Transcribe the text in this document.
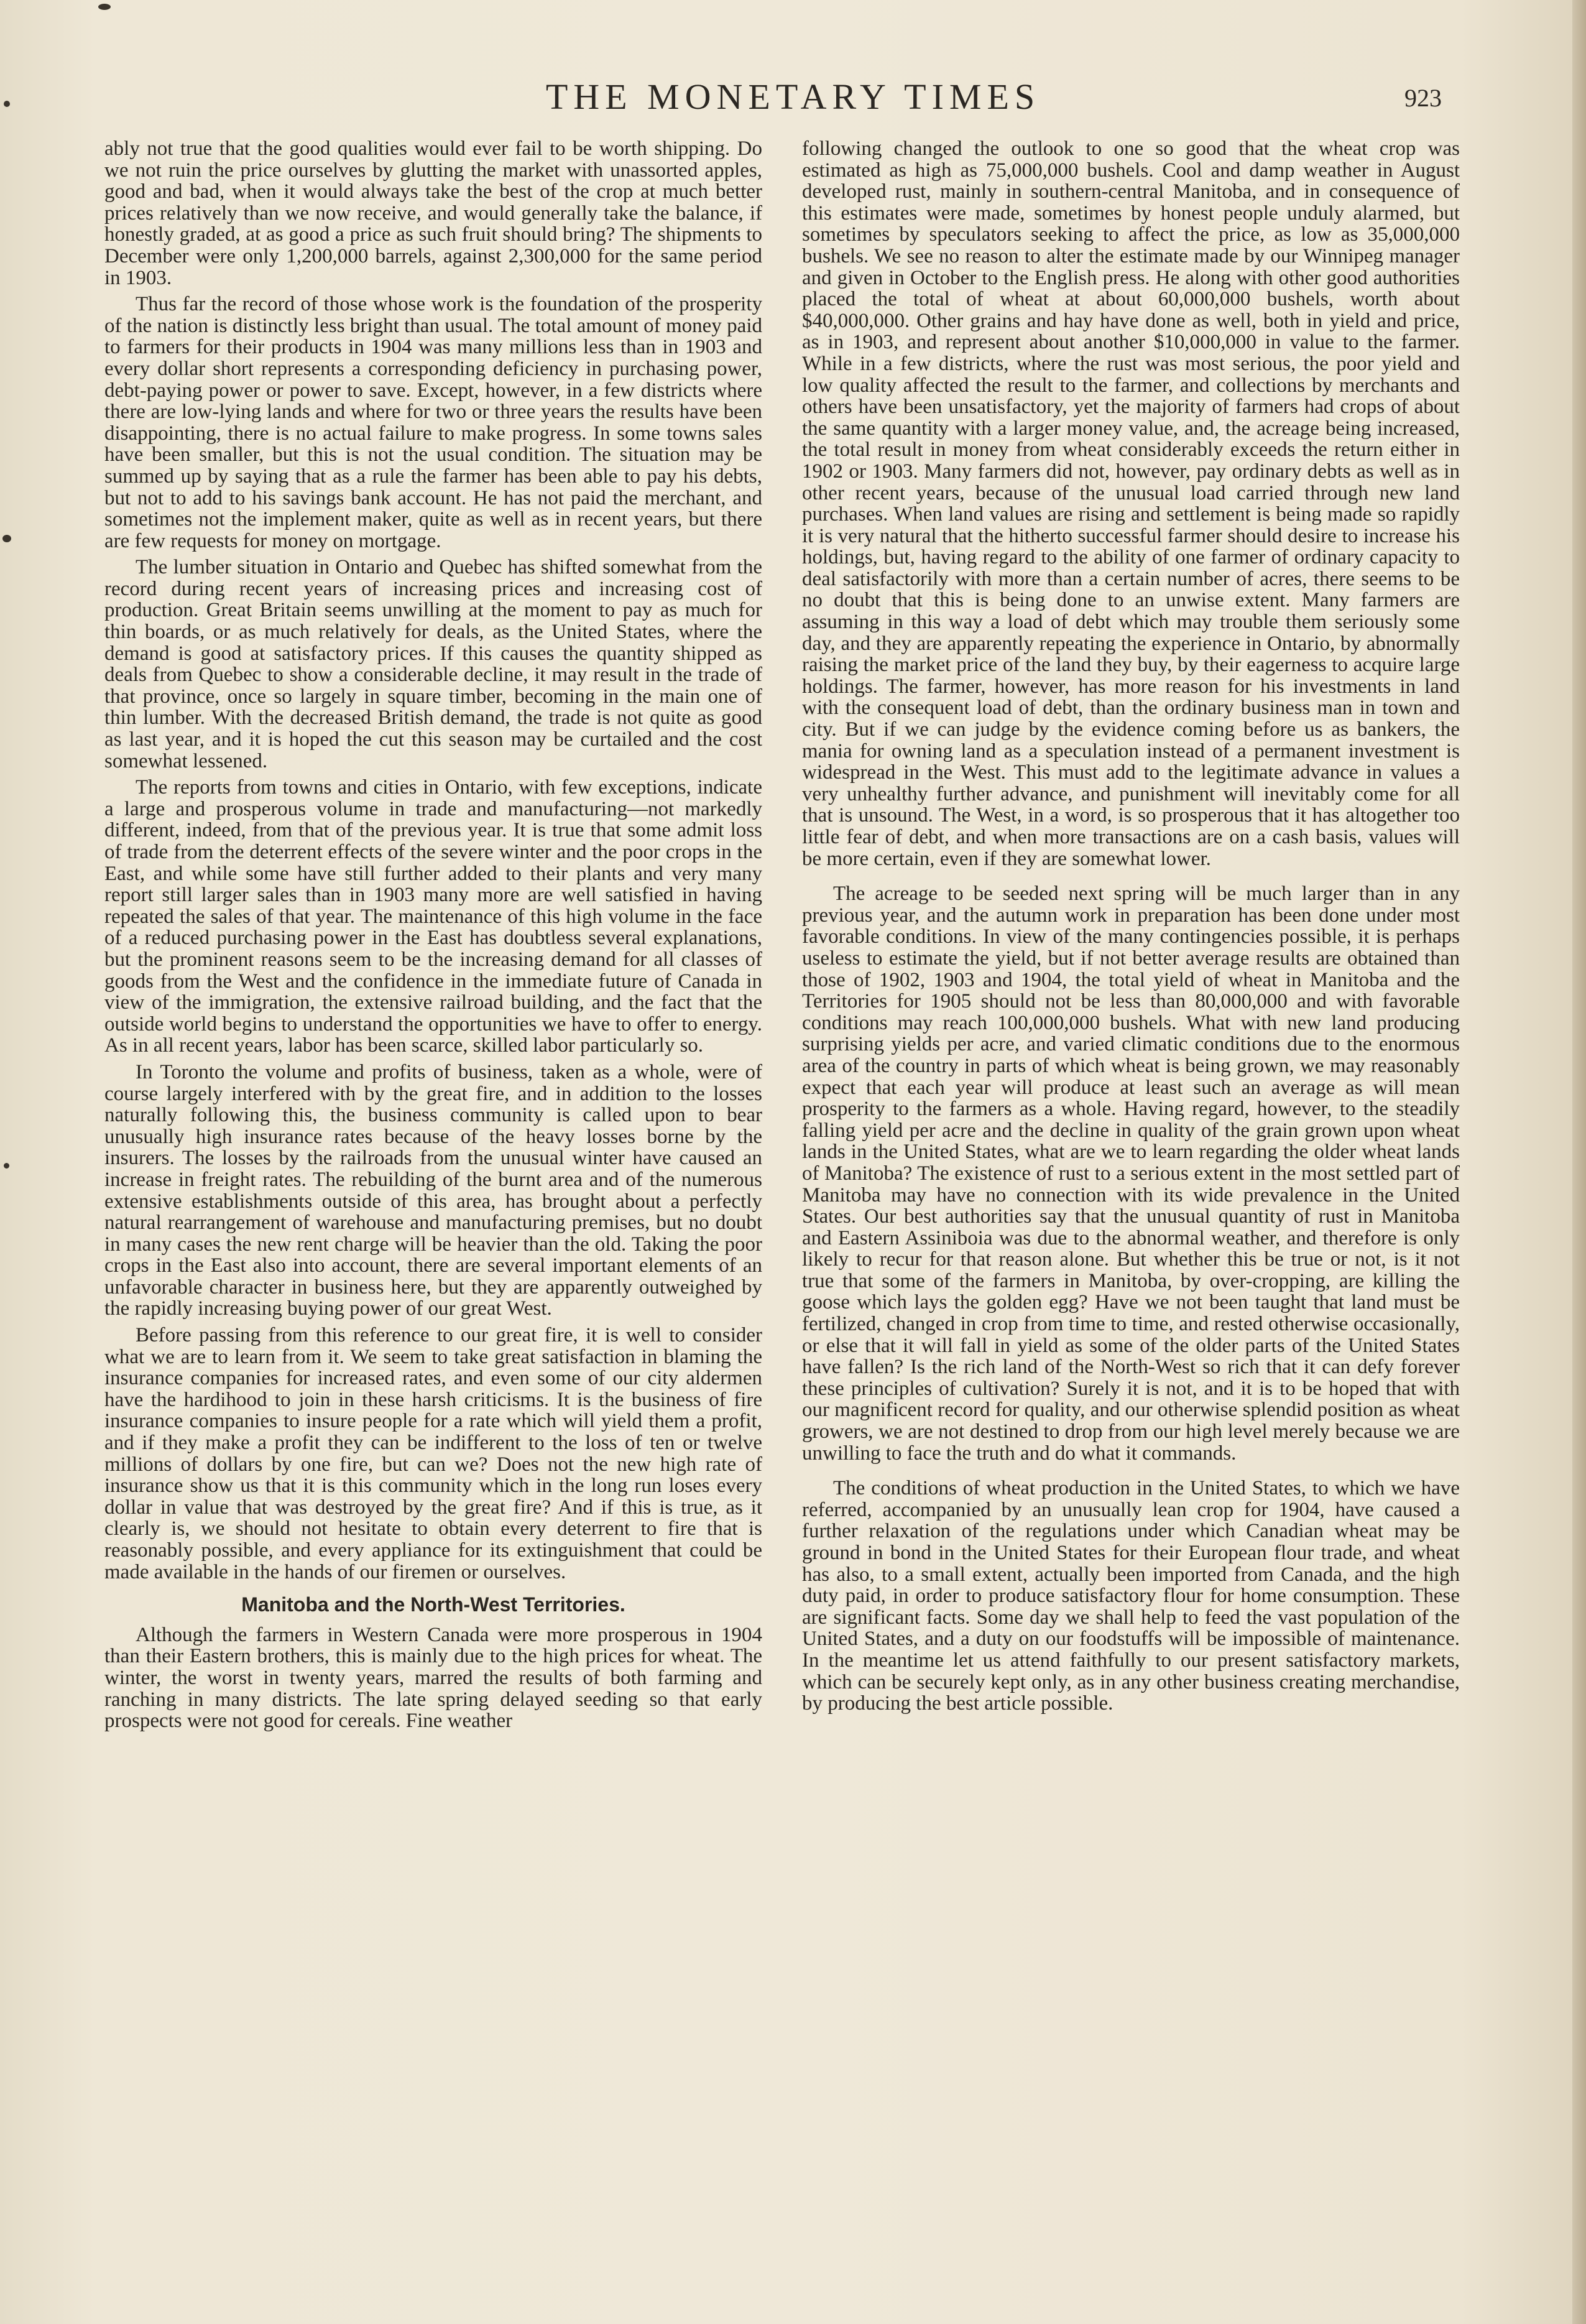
THE MONETARY TIMES	923

ably not true that the good qualities would ever fail to be worth shipping. Do we not ruin the price ourselves by glutting the market with unassorted apples, good and bad, when it would always take the best of the crop at much better prices relatively than we now receive, and would generally take the balance, if honestly graded, at as good a price as such fruit should bring? The shipments to December were only 1,200,000 barrels, against 2,300,000 for the same period in 1903.

Thus far the record of those whose work is the foundation of the prosperity of the nation is distinctly less bright than usual. The total amount of money paid to farmers for their products in 1904 was many millions less than in 1903 and every dollar short represents a corresponding deficiency in purchasing power, debt-paying power or power to save. Except, however, in a few districts where there are low-lying lands and where for two or three years the results have been disappointing, there is no actual failure to make progress. In some towns sales have been smaller, but this is not the usual condition. The situation may be summed up by saying that as a rule the farmer has been able to pay his debts, but not to add to his savings bank account. He has not paid the merchant, and sometimes not the implement maker, quite as well as in recent years, but there are few requests for money on mortgage.

The lumber situation in Ontario and Quebec has shifted somewhat from the record during recent years of increasing prices and increasing cost of production. Great Britain seems unwilling at the moment to pay as much for thin boards, or as much relatively for deals, as the United States, where the demand is good at satisfactory prices. If this causes the quantity shipped as deals from Quebec to show a considerable decline, it may result in the trade of that province, once so largely in square timber, becoming in the main one of thin lumber. With the decreased British demand, the trade is not quite as good as last year, and it is hoped the cut this season may be curtailed and the cost somewhat lessened.

The reports from towns and cities in Ontario, with few exceptions, indicate a large and prosperous volume in trade and manufacturing—not markedly different, indeed, from that of the previous year. It is true that some admit loss of trade from the deterrent effects of the severe winter and the poor crops in the East, and while some have still further added to their plants and very many report still larger sales than in 1903 many more are well satisfied in having repeated the sales of that year. The maintenance of this high volume in the face of a reduced purchasing power in the East has doubtless several explanations, but the prominent reasons seem to be the increasing demand for all classes of goods from the West and the confidence in the immediate future of Canada in view of the immigration, the extensive railroad building, and the fact that the outside world begins to understand the opportunities we have to offer to energy. As in all recent years, labor has been scarce, skilled labor particularly so.

In Toronto the volume and profits of business, taken as a whole, were of course largely interfered with by the great fire, and in addition to the losses naturally following this, the business community is called upon to bear unusually high insurance rates because of the heavy losses borne by the insurers. The losses by the railroads from the unusual winter have caused an increase in freight rates. The rebuilding of the burnt area and of the numerous extensive establishments outside of this area, has brought about a perfectly natural rearrangement of warehouse and manufacturing premises, but no doubt in many cases the new rent charge will be heavier than the old. Taking the poor crops in the East also into account, there are several important elements of an unfavorable character in business here, but they are apparently outweighed by the rapidly increasing buying power of our great West.

Before passing from this reference to our great fire, it is well to consider what we are to learn from it. We seem to take great satisfaction in blaming the insurance companies for increased rates, and even some of our city aldermen have the hardihood to join in these harsh criticisms. It is the business of fire insurance companies to insure people for a rate which will yield them a profit, and if they make a profit they can be indifferent to the loss of ten or twelve millions of dollars by one fire, but can we? Does not the new high rate of insurance show us that it is this community which in the long run loses every dollar in value that was destroyed by the great fire? And if this is true, as it clearly is, we should not hesitate to obtain every deterrent to fire that is reasonably possible, and every appliance for its extinguishment that could be made available in the hands of our firemen or ourselves.

Manitoba and the North-West Territories.

Although the farmers in Western Canada were more prosperous in 1904 than their Eastern brothers, this is mainly due to the high prices for wheat. The winter, the worst in twenty years, marred the results of both farming and ranching in many districts. The late spring delayed seeding so that early prospects were not good for cereals. Fine weather

following changed the outlook to one so good that the wheat crop was estimated as high as 75,000,000 bushels. Cool and damp weather in August developed rust, mainly in southern-central Manitoba, and in consequence of this estimates were made, sometimes by honest people unduly alarmed, but sometimes by speculators seeking to affect the price, as low as 35,000,000 bushels. We see no reason to alter the estimate made by our Winnipeg manager and given in October to the English press. He along with other good authorities placed the total of wheat at about 60,000,000 bushels, worth about $40,000,000. Other grains and hay have done as well, both in yield and price, as in 1903, and represent about another $10,000,000 in value to the farmer. While in a few districts, where the rust was most serious, the poor yield and low quality affected the result to the farmer, and collections by merchants and others have been unsatisfactory, yet the majority of farmers had crops of about the same quantity with a larger money value, and, the acreage being increased, the total result in money from wheat considerably exceeds the return either in 1902 or 1903. Many farmers did not, however, pay ordinary debts as well as in other recent years, because of the unusual load carried through new land purchases. When land values are rising and settlement is being made so rapidly it is very natural that the hitherto successful farmer should desire to increase his holdings, but, having regard to the ability of one farmer of ordinary capacity to deal satisfactorily with more than a certain number of acres, there seems to be no doubt that this is being done to an unwise extent. Many farmers are assuming in this way a load of debt which may trouble them seriously some day, and they are apparently repeating the experience in Ontario, by abnormally raising the market price of the land they buy, by their eagerness to acquire large holdings. The farmer, however, has more reason for his investments in land with the consequent load of debt, than the ordinary business man in town and city. But if we can judge by the evidence coming before us as bankers, the mania for owning land as a speculation instead of a permanent investment is widespread in the West. This must add to the legitimate advance in values a very unhealthy further advance, and punishment will inevitably come for all that is unsound. The West, in a word, is so prosperous that it has altogether too little fear of debt, and when more transactions are on a cash basis, values will be more certain, even if they are somewhat lower.

The acreage to be seeded next spring will be much larger than in any previous year, and the autumn work in preparation has been done under most favorable conditions. In view of the many contingencies possible, it is perhaps useless to estimate the yield, but if not better average results are obtained than those of 1902, 1903 and 1904, the total yield of wheat in Manitoba and the Territories for 1905 should not be less than 80,000,000 and with favorable conditions may reach 100,000,000 bushels. What with new land producing surprising yields per acre, and varied climatic conditions due to the enormous area of the country in parts of which wheat is being grown, we may reasonably expect that each year will produce at least such an average as will mean prosperity to the farmers as a whole. Having regard, however, to the steadily falling yield per acre and the decline in quality of the grain grown upon wheat lands in the United States, what are we to learn regarding the older wheat lands of Manitoba? The existence of rust to a serious extent in the most settled part of Manitoba may have no connection with its wide prevalence in the United States. Our best authorities say that the unusual quantity of rust in Manitoba and Eastern Assiniboia was due to the abnormal weather, and therefore is only likely to recur for that reason alone. But whether this be true or not, is it not true that some of the farmers in Manitoba, by over-cropping, are killing the goose which lays the golden egg? Have we not been taught that land must be fertilized, changed in crop from time to time, and rested otherwise occasionally, or else that it will fall in yield as some of the older parts of the United States have fallen? Is the rich land of the North-West so rich that it can defy forever these principles of cultivation? Surely it is not, and it is to be hoped that with our magnificent record for quality, and our otherwise splendid position as wheat growers, we are not destined to drop from our high level merely because we are unwilling to face the truth and do what it commands.

The conditions of wheat production in the United States, to which we have referred, accompanied by an unusually lean crop for 1904, have caused a further relaxation of the regulations under which Canadian wheat may be ground in bond in the United States for their European flour trade, and wheat has also, to a small extent, actually been imported from Canada, and the high duty paid, in order to produce satisfactory flour for home consumption. These are significant facts. Some day we shall help to feed the vast population of the United States, and a duty on our foodstuffs will be impossible of maintenance. In the meantime let us attend faithfully to our present satisfactory markets, which can be securely kept only, as in any other business creating merchandise, by producing the best article possible.
